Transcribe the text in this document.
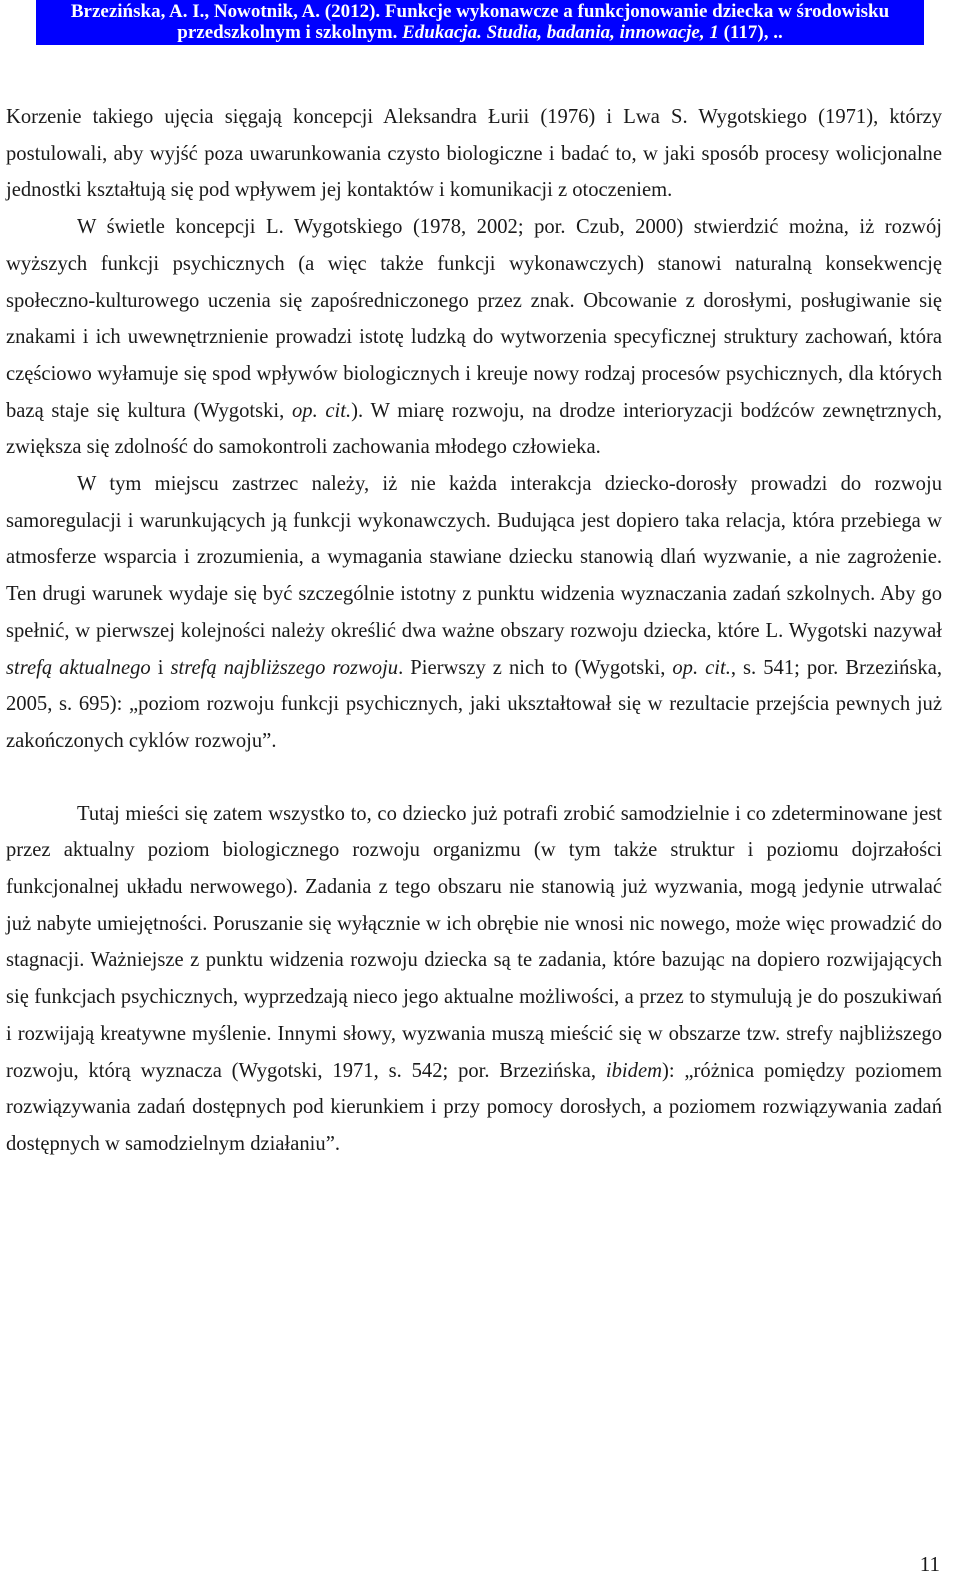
Brzezińska, A. I., Nowotnik, A. (2012). Funkcje wykonawcze a funkcjonowanie dziecka w środowisku
przedszkolnym i szkolnym. Edukacja. Studia, badania, innowacje, 1 (117), ..

Korzenie takiego ujęcia sięgają koncepcji Aleksandra Łurii (1976) i Lwa S. Wygotskiego (1971), którzy postulowali, aby wyjść poza uwarunkowania czysto biologiczne i badać to, w jaki sposób procesy wolicjonalne jednostki kształtują się pod wpływem jej kontaktów i komunikacji z otoczeniem.

W świetle koncepcji L. Wygotskiego (1978, 2002; por. Czub, 2000) stwierdzić można, iż rozwój wyższych funkcji psychicznych (a więc także funkcji wykonawczych) stanowi naturalną konsekwencję społeczno-kulturowego uczenia się zapośredniczonego przez znak. Obcowanie z dorosłymi, posługiwanie się znakami i ich uwewnętrznienie prowadzi istotę ludzką do wytworzenia specyficznej struktury zachowań, która częściowo wyłamuje się spod wpływów biologicznych i kreuje nowy rodzaj procesów psychicznych, dla których bazą staje się kultura (Wygotski, op. cit.). W miarę rozwoju, na drodze interioryzacji bodźców zewnętrznych, zwiększa się zdolność do samokontroli zachowania młodego człowieka.

W tym miejscu zastrzec należy, iż nie każda interakcja dziecko-dorosły prowadzi do rozwoju samoregulacji i warunkujących ją funkcji wykonawczych. Budująca jest dopiero taka relacja, która przebiega w atmosferze wsparcia i zrozumienia, a wymagania stawiane dziecku stanowią dlań wyzwanie, a nie zagrożenie. Ten drugi warunek wydaje się być szczególnie istotny z punktu widzenia wyznaczania zadań szkolnych. Aby go spełnić, w pierwszej kolejności należy określić dwa ważne obszary rozwoju dziecka, które L. Wygotski nazywał strefą aktualnego i strefą najbliższego rozwoju. Pierwszy z nich to (Wygotski, op. cit., s. 541; por. Brzezińska, 2005, s. 695): „poziom rozwoju funkcji psychicznych, jaki ukształtował się w rezultacie przejścia pewnych już zakończonych cyklów rozwoju”.

Tutaj mieści się zatem wszystko to, co dziecko już potrafi zrobić samodzielnie i co zdeterminowane jest przez aktualny poziom biologicznego rozwoju organizmu (w tym także struktur i poziomu dojrzałości funkcjonalnej układu nerwowego). Zadania z tego obszaru nie stanowią już wyzwania, mogą jedynie utrwalać już nabyte umiejętności. Poruszanie się wyłącznie w ich obrębie nie wnosi nic nowego, może więc prowadzić do stagnacji. Ważniejsze z punktu widzenia rozwoju dziecka są te zadania, które bazując na dopiero rozwijających się funkcjach psychicznych, wyprzedzają nieco jego aktualne możliwości, a przez to stymulują je do poszukiwań i rozwijają kreatywne myślenie. Innymi słowy, wyzwania muszą mieścić się w obszarze tzw. strefy najbliższego rozwoju, którą wyznacza (Wygotski, 1971, s. 542; por. Brzezińska, ibidem): „różnica pomiędzy poziomem rozwiązywania zadań dostępnych pod kierunkiem i przy pomocy dorosłych, a poziomem rozwiązywania zadań dostępnych w samodzielnym działaniu”.

11
